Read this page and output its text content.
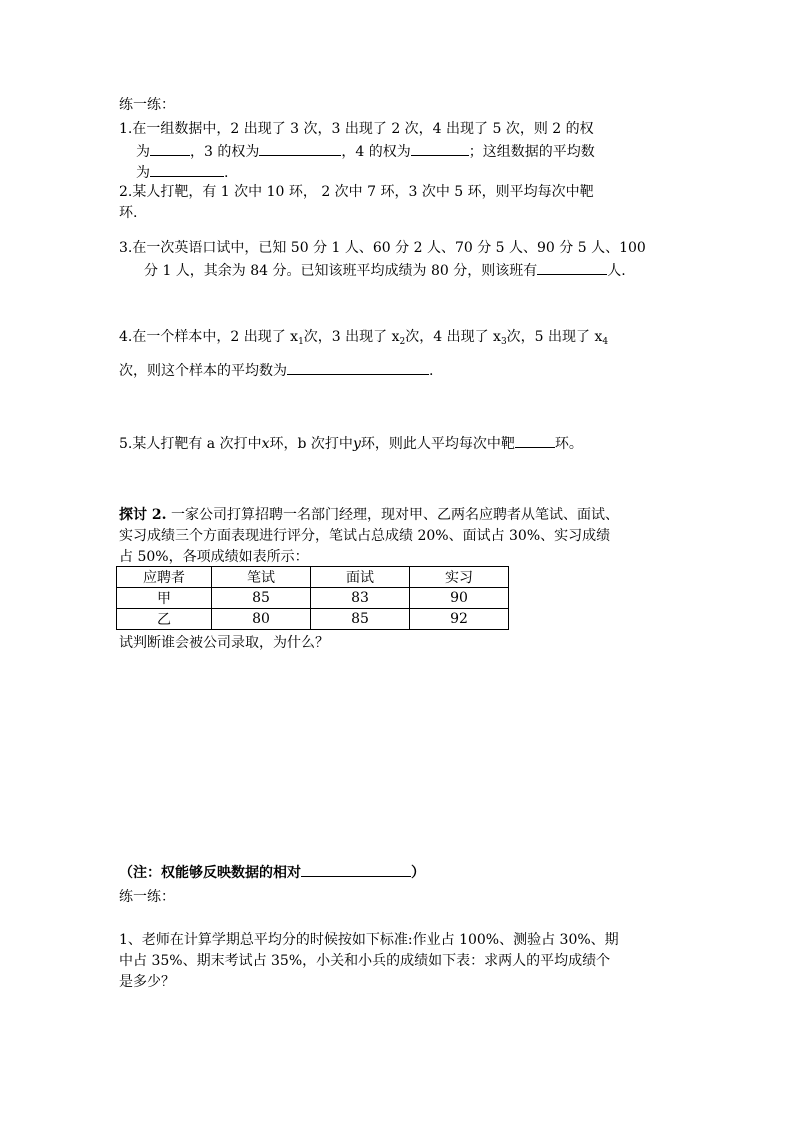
练一练：
1.在一组数据中，2 出现了 3 次，3 出现了 2 次，4 出现了 5 次，则 2 的权
为	，3 的权为	，4 的权为	；这组数据的平均数
为	.
2.某人打靶，有 1 次中 10 环， 2 次中 7 环，3 次中 5 环，则平均每次中靶
环.
3.在一次英语口试中，已知 50 分 1 人、60 分 2 人、70 分 5 人、90 分 5 人、100
分 1 人，其余为 84 分。已知该班平均成绩为 80 分，则该班有	人.
4.在一个样本中，2 出现了 $x_1$次，3 出现了 $x_2$次，4 出现了 $x_3$次，5 出现了 $x_4$
次，则这个样本的平均数为	.
5.某人打靶有 a 次打中x环，b 次打中y环，则此人平均每次中靶	环。
探讨 2. 一家公司打算招聘一名部门经理，现对甲、乙两名应聘者从笔试、面试、
实习成绩三个方面表现进行评分，笔试占总成绩 20%、面试占 30%、实习成绩
占 50%，各项成绩如表所示：
应聘者	笔试	面试	实习
甲	85	83	90
乙	80	85	92
试判断谁会被公司录取，为什么？
（注：权能够反映数据的相对	）
练一练：
1、老师在计算学期总平均分的时候按如下标准:作业占 100%、测验占 30%、期
中占 35%、期末考试占 35%，小关和小兵的成绩如下表：求两人的平均成绩个
是多少？
